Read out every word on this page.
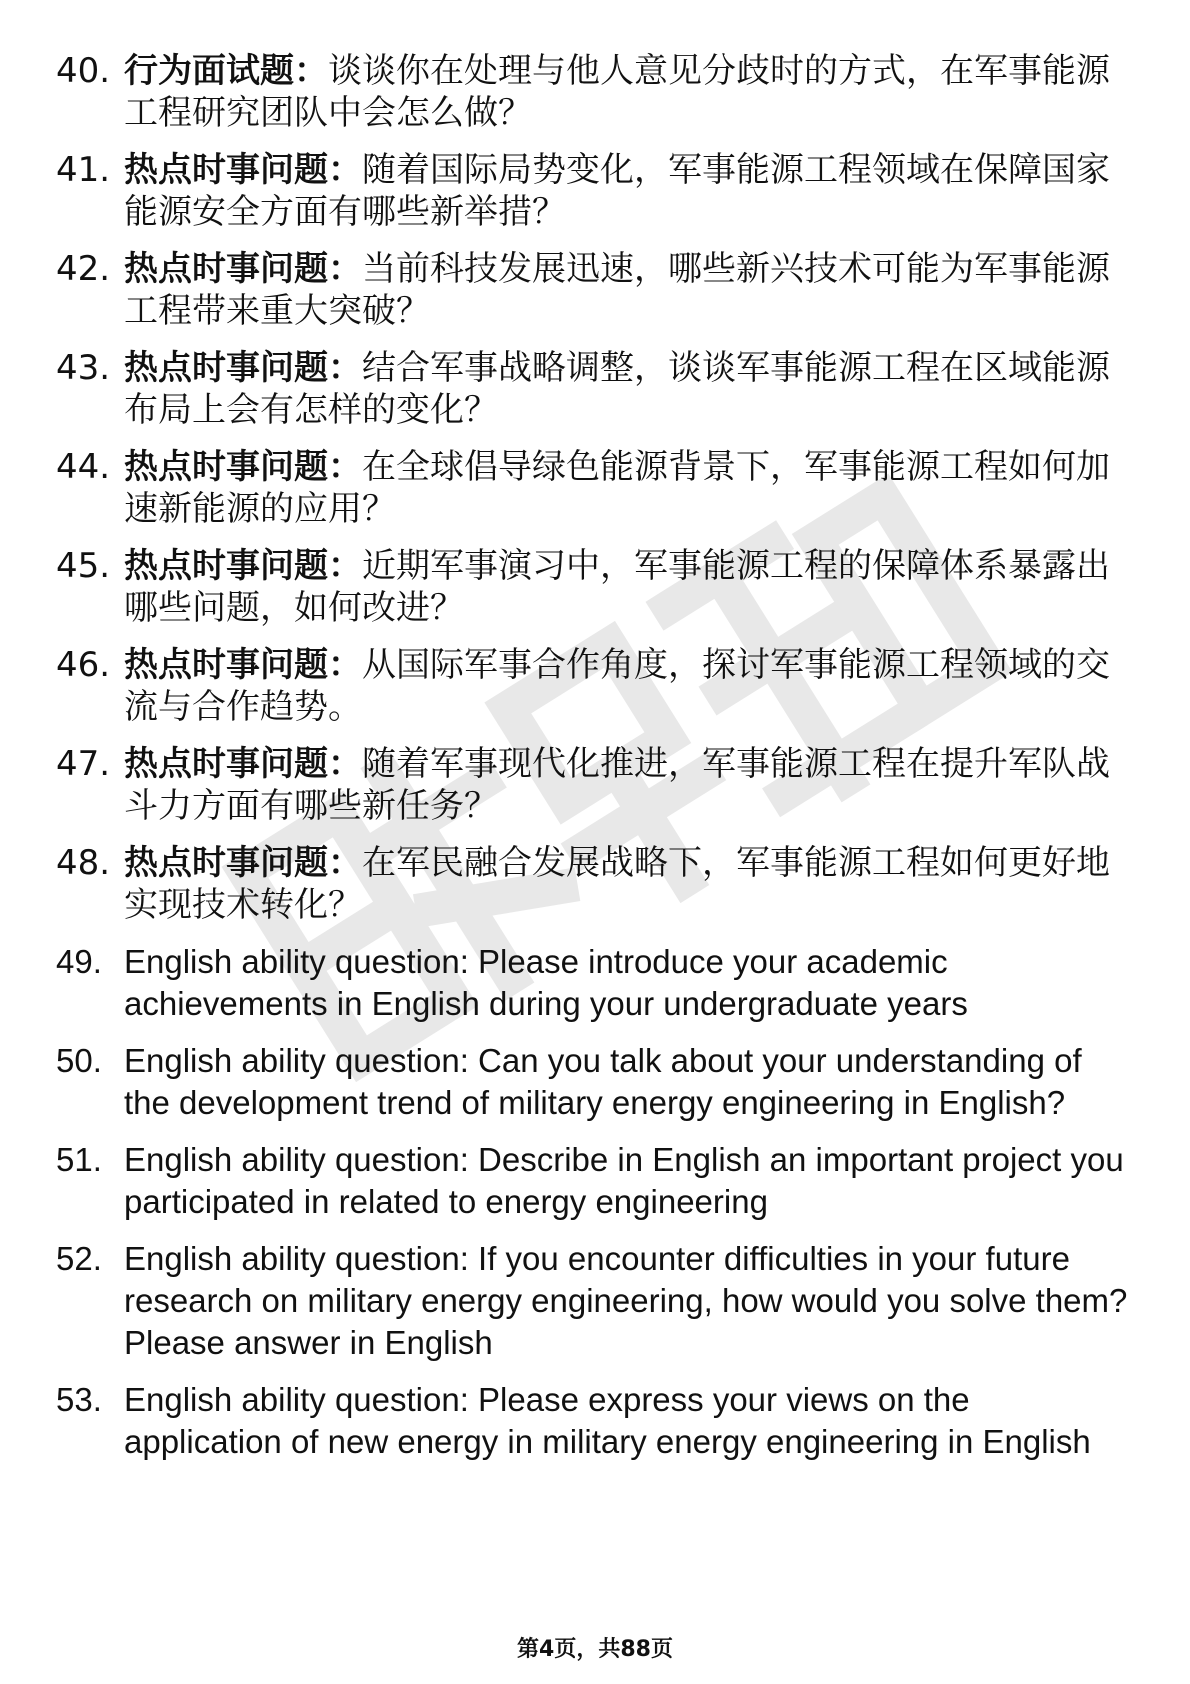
40. 行为面试题：谈谈你在处理与他人意见分歧时的方式，在军事能源工程研究团队中会怎么做？
41. 热点时事问题：随着国际局势变化，军事能源工程领域在保障国家能源安全方面有哪些新举措？
42. 热点时事问题：当前科技发展迅速，哪些新兴技术可能为军事能源工程带来重大突破？
43. 热点时事问题：结合军事战略调整，谈谈军事能源工程在区域能源布局上会有怎样的变化？
44. 热点时事问题：在全球倡导绿色能源背景下，军事能源工程如何加速新能源的应用？
45. 热点时事问题：近期军事演习中，军事能源工程的保障体系暴露出哪些问题，如何改进？
46. 热点时事问题：从国际军事合作角度，探讨军事能源工程领域的交流与合作趋势。
47. 热点时事问题：随着军事现代化推进，军事能源工程在提升军队战斗力方面有哪些新任务？
48. 热点时事问题：在军民融合发展战略下，军事能源工程如何更好地实现技术转化？
49. English ability question: Please introduce your academic achievements in English during your undergraduate years
50. English ability question: Can you talk about your understanding of the development trend of military energy engineering in English?
51. English ability question: Describe in English an important project you participated in related to energy engineering
52. English ability question: If you encounter difficulties in your future research on military energy engineering, how would you solve them? Please answer in English
53. English ability question: Please express your views on the application of new energy in military energy engineering in English
第4页，共88页
